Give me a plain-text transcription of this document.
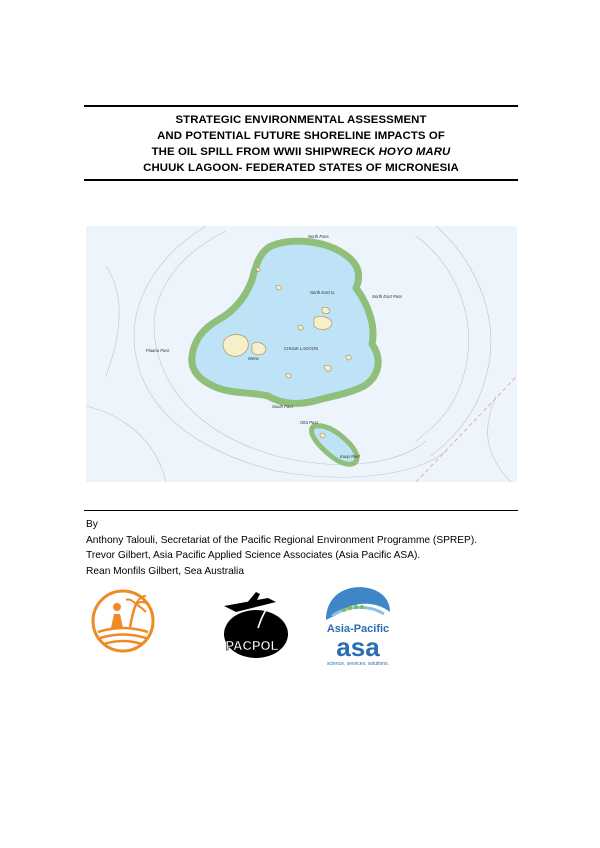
STRATEGIC ENVIRONMENTAL ASSESSMENT
AND POTENTIAL FUTURE SHORELINE IMPACTS OF
THE OIL SPILL FROM WWII SHIPWRECK HOYO MARU
CHUUK LAGOON- FEDERATED STATES OF MICRONESIA
North Pass
North East Pass
North East Is.
Piaanu Pass
Weno
CHUUK LAGOON
South Pass
Otta Pass
Kuop Reef
By
Anthony Talouli, Secretariat of the Pacific Regional Environment Programme (SPREP).
Trevor Gilbert, Asia Pacific Applied Science Associates (Asia Pacific ASA).
Rean Monfils Gilbert, Sea Australia
PACPOL
Asia-Pacific
asa
science. services. solutions.
